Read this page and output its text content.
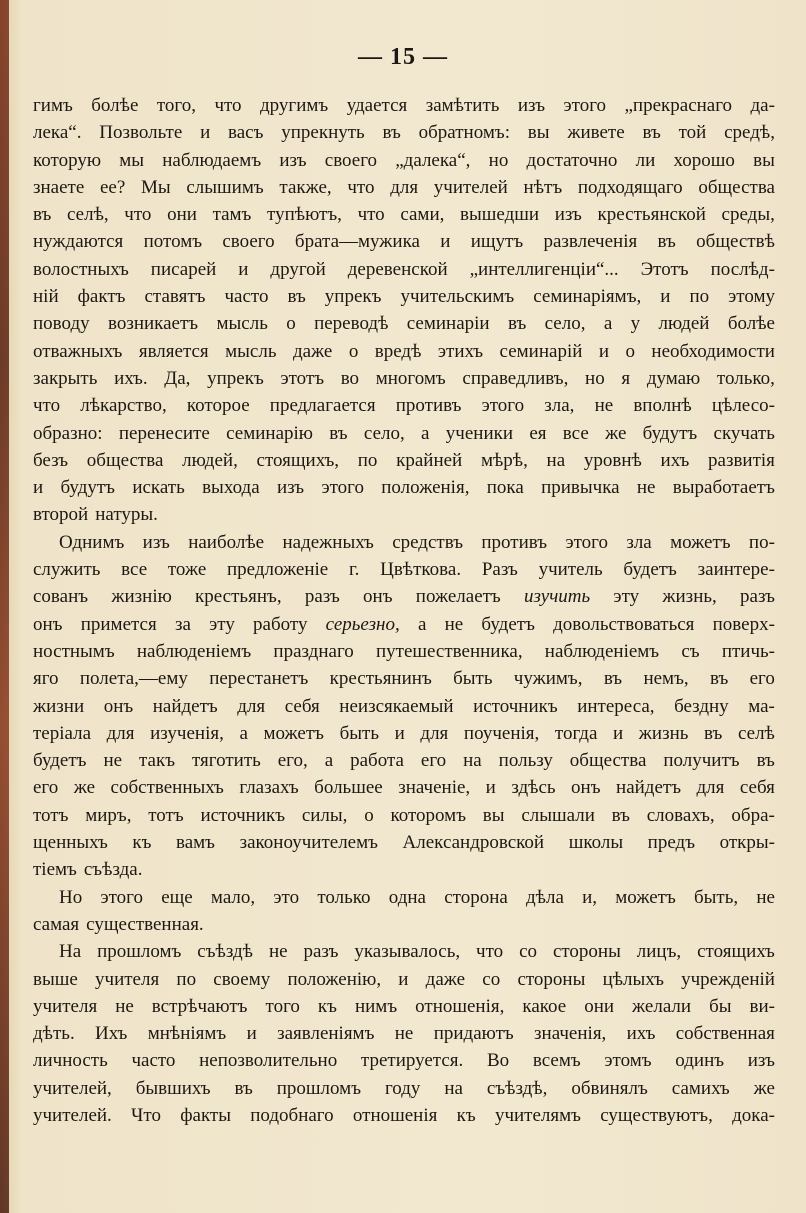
— 15 —
гимъ болѣе того, что другимъ удается замѣтить изъ этого „прекраснаго да-
лека“. Позвольте и васъ упрекнуть въ обратномъ: вы живете въ той средѣ,
которую мы наблюдаемъ изъ своего „далека“, но достаточно ли хорошо вы
знаете ее? Мы слышимъ также, что для учителей нѣтъ подходящаго общества
въ селѣ, что они тамъ тупѣютъ, что сами, вышедши изъ крестьянской среды,
нуждаются потомъ своего брата—мужика и ищутъ развлеченія въ обществѣ
волостныхъ писарей и другой деревенской „интеллигенціи“... Этотъ послѣд-
ній фактъ ставятъ часто въ упрекъ учительскимъ семинаріямъ, и по этому
поводу возникаетъ мысль о переводѣ семинаріи въ село, а у людей болѣе
отважныхъ является мысль даже о вредѣ этихъ семинарій и о необходимости
закрыть ихъ. Да, упрекъ этотъ во многомъ справедливъ, но я думаю только,
что лѣкарство, которое предлагается противъ этого зла, не вполнѣ цѣлесо-
образно: перенесите семинарію въ село, а ученики ея все же будутъ скучать
безъ общества людей, стоящихъ, по крайней мѣрѣ, на уровнѣ ихъ развитія
и будутъ искать выхода изъ этого положенія, пока привычка не выработаетъ
второй натуры.
Однимъ изъ наиболѣе надежныхъ средствъ противъ этого зла можетъ по-
служить все тоже предложеніе г. Цвѣткова. Разъ учитель будетъ заинтере-
сованъ жизнію крестьянъ, разъ онъ пожелаетъ изучить эту жизнь, разъ
онъ примется за эту работу серьезно, а не будетъ довольствоваться поверх-
ностнымъ наблюденіемъ празднаго путешественника, наблюденіемъ съ птичь-
яго полета,—ему перестанетъ крестьянинъ быть чужимъ, въ немъ, въ его
жизни онъ найдетъ для себя неизсякаемый источникъ интереса, бездну ма-
теріала для изученія, а можетъ быть и для поученія, тогда и жизнь въ селѣ
будетъ не такъ тяготить его, а работа его на пользу общества получитъ въ
его же собственныхъ глазахъ большее значеніе, и здѣсь онъ найдетъ для себя
тотъ миръ, тотъ источникъ силы, о которомъ вы слышали въ словахъ, обра-
щенныхъ къ вамъ законоучителемъ Александровской школы предъ откры-
тіемъ съѣзда.
Но этого еще мало, это только одна сторона дѣла и, можетъ быть, не
самая существенная.
На прошломъ съѣздѣ не разъ указывалось, что со стороны лицъ, стоящихъ
выше учителя по своему положенію, и даже со стороны цѣлыхъ учрежденій
учителя не встрѣчаютъ того къ нимъ отношенія, какое они желали бы ви-
дѣть. Ихъ мнѣніямъ и заявленіямъ не придаютъ значенія, ихъ собственная
личность часто непозволительно третируется. Во всемъ этомъ одинъ изъ
учителей, бывшихъ въ прошломъ году на съѣздѣ, обвинялъ самихъ же
учителей. Что факты подобнаго отношенія къ учителямъ существуютъ, дока-
